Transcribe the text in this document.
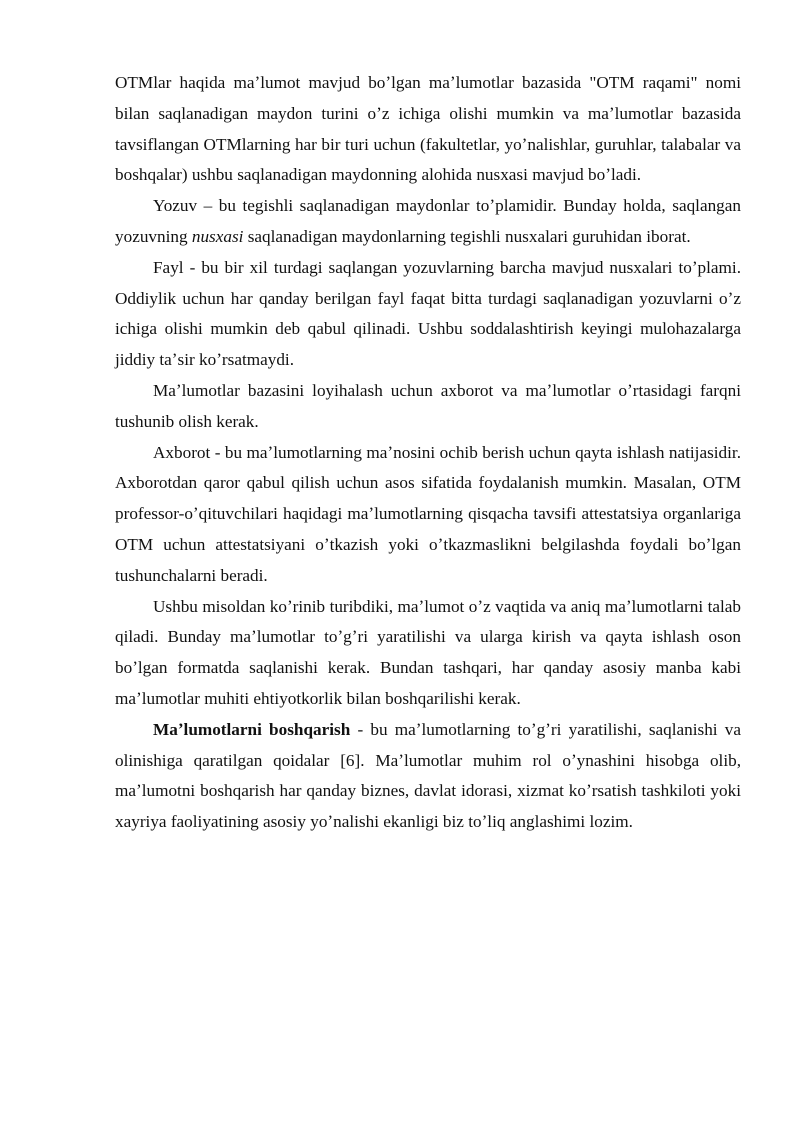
OTMlar haqida maʼlumot mavjud boʼlgan maʼlumotlar bazasida "OTM raqami" nomi bilan saqlanadigan maydon turini oʼz ichiga olishi mumkin va maʼlumotlar bazasida tavsiflangan OTMlarning har bir turi uchun (fakultetlar, yoʼnalishlar, guruhlar, talabalar va boshqalar) ushbu saqlanadigan maydonning alohida nusxasi mavjud boʼladi.

Yozuv – bu tegishli saqlanadigan maydonlar toʼplamidir. Bunday holda, saqlangan yozuvning nusxasi saqlanadigan maydonlarning tegishli nusxalari guruhidan iborat.

Fayl - bu bir xil turdagi saqlangan yozuvlarning barcha mavjud nusxalari toʼplami. Oddiylik uchun har qanday berilgan fayl faqat bitta turdagi saqlanadigan yozuvlarni oʼz ichiga olishi mumkin deb qabul qilinadi. Ushbu soddalashtirish keyingi mulohazalarga jiddiy taʼsir koʼrsatmaydi.

Maʼlumotlar bazasini loyihalash uchun axborot va maʼlumotlar oʼrtasidagi farqni tushunib olish kerak.

Axborot - bu maʼlumotlarning maʼnosini ochib berish uchun qayta ishlash natijasidir. Axborotdan qaror qabul qilish uchun asos sifatida foydalanish mumkin. Masalan, OTM professor-oʼqituvchilari haqidagi maʼlumotlarning qisqacha tavsifi attestatsiya organlariga OTM uchun attestatsiyani oʼtkazish yoki oʼtkazmaslikni belgilashda foydali boʼlgan tushunchalarni beradi.

Ushbu misoldan koʼrinib turibdiki, maʼlumot oʼz vaqtida va aniq maʼlumotlarni talab qiladi. Bunday maʼlumotlar toʼgʼri yaratilishi va ularga kirish va qayta ishlash oson boʼlgan formatda saqlanishi kerak. Bundan tashqari, har qanday asosiy manba kabi maʼlumotlar muhiti ehtiyotkorlik bilan boshqarilishi kerak.

Maʼlumotlarni boshqarish - bu maʼlumotlarning toʼgʼri yaratilishi, saqlanishi va olinishiga qaratilgan qoidalar [6]. Maʼlumotlar muhim rol oʼynashini hisobga olib, maʼlumotni boshqarish har qanday biznes, davlat idorasi, xizmat koʼrsatish tashkiloti yoki xayriya faoliyatining asosiy yoʼnalishi ekanligi biz toʼliq anglashimi lozim.
